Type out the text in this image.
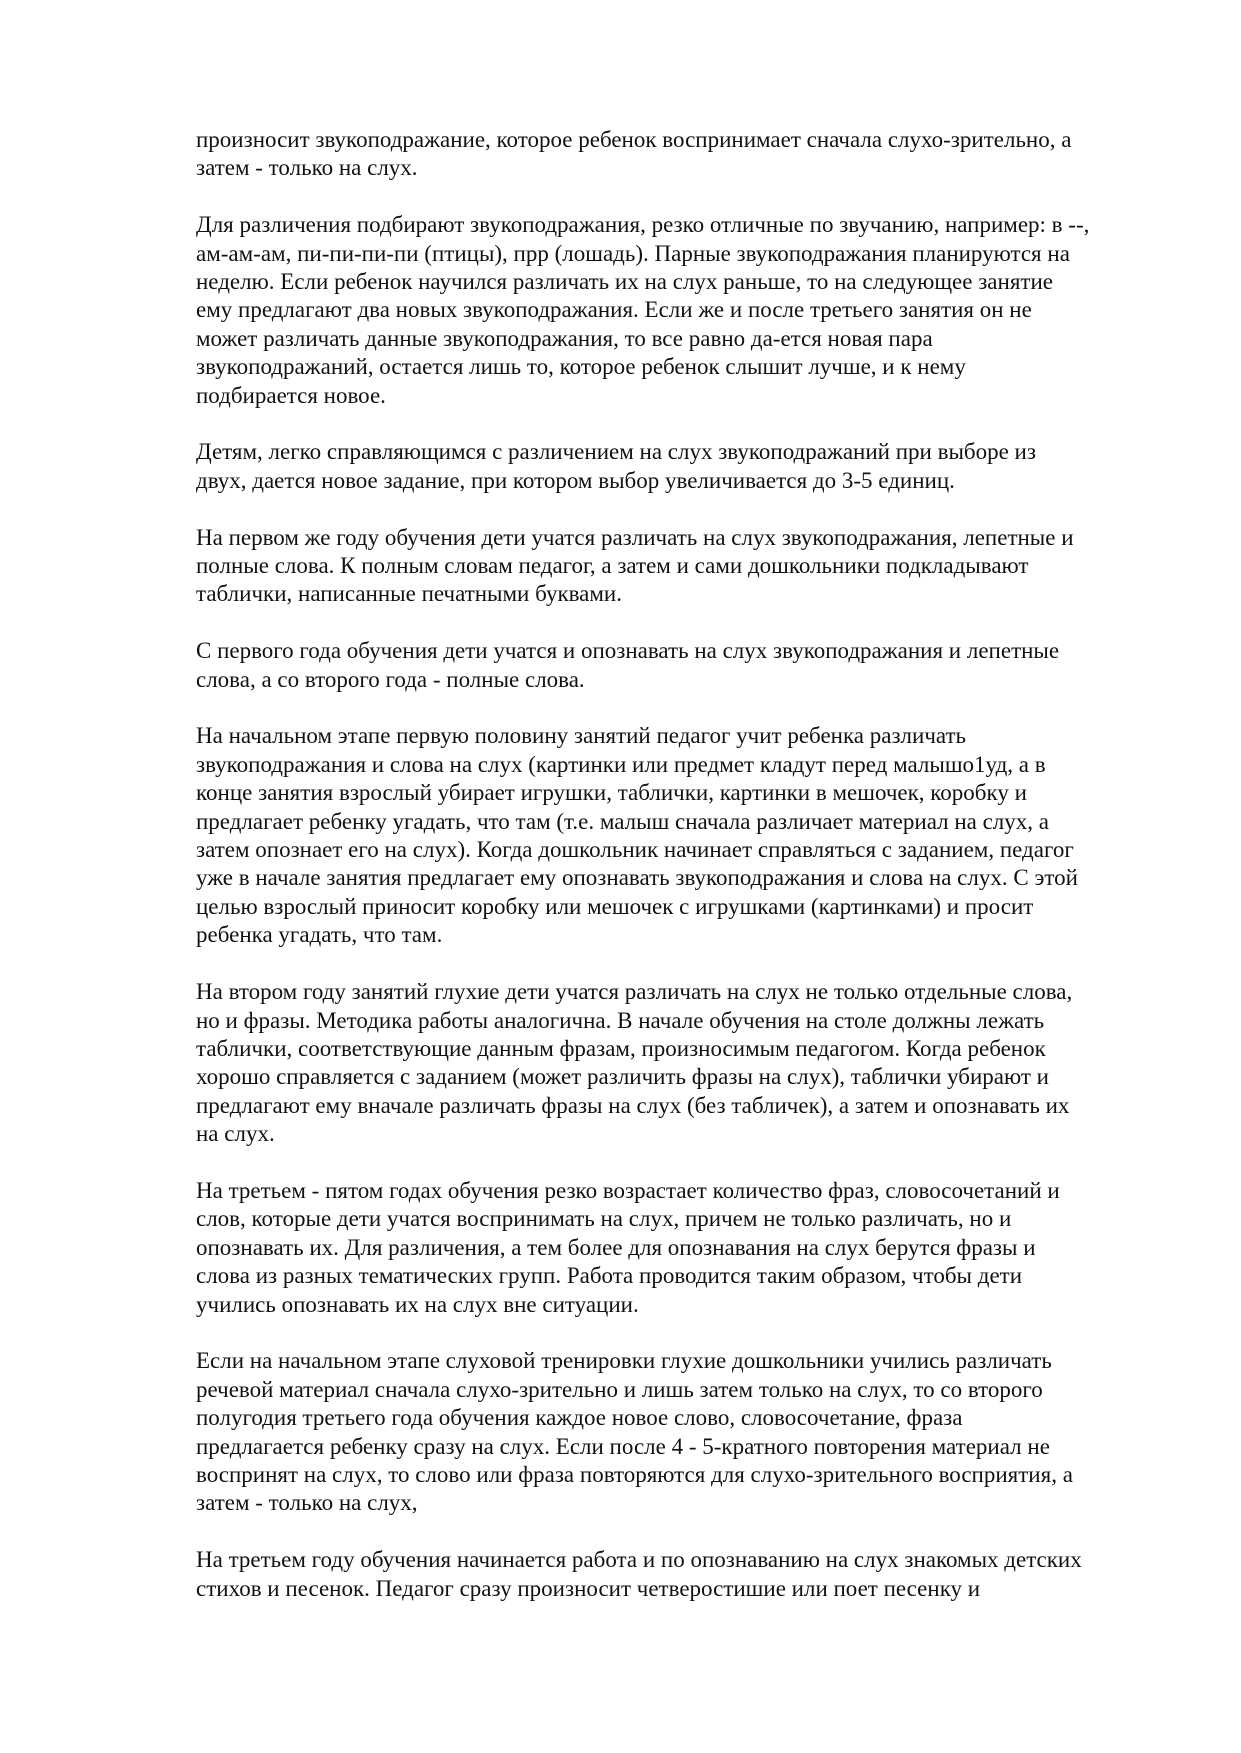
произносит звукоподражание, которое ребенок воспринимает сначала слухо-зрительно, а
затем - только на слух.

Для различения подбирают звукоподражания, резко отличные по звучанию, например: в --,
ам-ам-ам, пи-пи-пи-пи (птицы), прр (лошадь). Парные звукоподражания планируются на
неделю. Если ребенок научился различать их на слух раньше, то на следующее занятие
ему предлагают два новых звукоподражания. Если же и после третьего занятия он не
может различать данные звукоподражания, то все равно да-ется новая пара
звукоподражаний, остается лишь то, которое ребенок слышит лучше, и к нему
подбирается новое.

Детям, легко справляющимся с различением на слух звукоподражаний при выборе из
двух, дается новое задание, при котором выбор увеличивается до 3-5 единиц.

На первом же году обучения дети учатся различать на слух звукоподражания, лепетные и
полные слова. К полным словам педагог, а затем и сами дошкольники подкладывают
таблички, написанные печатными буквами.

С первого года обучения дети учатся и опознавать на слух звукоподражания и лепетные
слова, а со второго года - полные слова.

На начальном этапе первую половину занятий педагог учит ребенка различать
звукоподражания и слова на слух (картинки или предмет кладут перед малышо1уд, а в
конце занятия взрослый убирает игрушки, таблички, картинки в мешочек, коробку и
предлагает ребенку угадать, что там (т.е. малыш сначала различает материал на слух, а
затем опознает его на слух). Когда дошкольник начинает справляться с заданием, педагог
уже в начале занятия предлагает ему опознавать звукоподражания и слова на слух. С этой
целью взрослый приносит коробку или мешочек с игрушками (картинками) и просит
ребенка угадать, что там.

На втором году занятий глухие дети учатся различать на слух не только отдельные слова,
но и фразы. Методика работы аналогична. В начале обучения на столе должны лежать
таблички, соответствующие данным фразам, произносимым педагогом. Когда ребенок
хорошо справляется с заданием (может различить фразы на слух), таблички убирают и
предлагают ему вначале различать фразы на слух (без табличек), а затем и опознавать их
на слух.

На третьем - пятом годах обучения резко возрастает количество фраз, словосочетаний и
слов, которые дети учатся воспринимать на слух, причем не только различать, но и
опознавать их. Для различения, а тем более для опознавания на слух берутся фразы и
слова из разных тематических групп. Работа проводится таким образом, чтобы дети
учились опознавать их на слух вне ситуации.

Если на начальном этапе слуховой тренировки глухие дошкольники учились различать
речевой материал сначала слухо-зрительно и лишь затем только на слух, то со второго
полугодия третьего года обучения каждое новое слово, словосочетание, фраза
предлагается ребенку сразу на слух. Если после 4 - 5-кратного повторения материал не
воспринят на слух, то слово или фраза повторяются для слухо-зрительного восприятия, а
затем - только на слух,

На третьем году обучения начинается работа и по опознаванию на слух знакомых детских
стихов и песенок. Педагог сразу произносит четверостишие или поет песенку и
